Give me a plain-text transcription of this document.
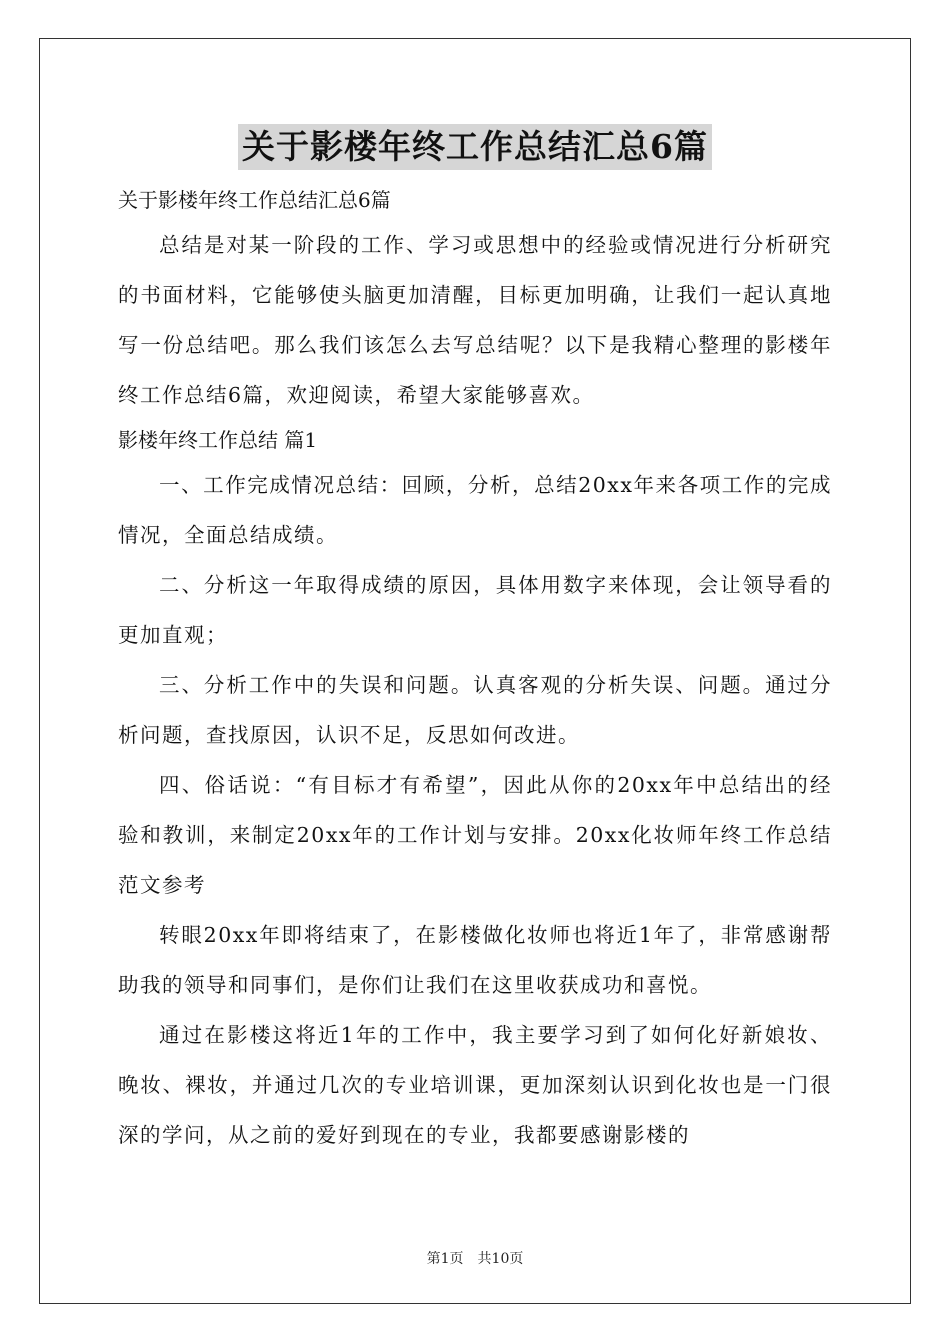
关于影楼年终工作总结汇总6篇

关于影楼年终工作总结汇总6篇

总结是对某一阶段的工作、学习或思想中的经验或情况进行分析研究的书面材料，它能够使头脑更加清醒，目标更加明确，让我们一起认真地写一份总结吧。那么我们该怎么去写总结呢？以下是我精心整理的影楼年终工作总结6篇，欢迎阅读，希望大家能够喜欢。

影楼年终工作总结 篇1

一、工作完成情况总结：回顾，分析，总结20xx年来各项工作的完成情况，全面总结成绩。

二、分析这一年取得成绩的原因，具体用数字来体现，会让领导看的更加直观；

三、分析工作中的失误和问题。认真客观的分析失误、问题。通过分析问题，查找原因，认识不足，反思如何改进。

四、俗话说：“有目标才有希望”，因此从你的20xx年中总结出的经验和教训，来制定20xx年的工作计划与安排。20xx化妆师年终工作总结范文参考

转眼20xx年即将结束了，在影楼做化妆师也将近1年了，非常感谢帮助我的领导和同事们，是你们让我们在这里收获成功和喜悦。

通过在影楼这将近1年的工作中，我主要学习到了如何化好新娘妆、晚妆、裸妆，并通过几次的专业培训课，更加深刻认识到化妆也是一门很深的学问，从之前的爱好到现在的专业，我都要感谢影楼的

第1页　共10页
